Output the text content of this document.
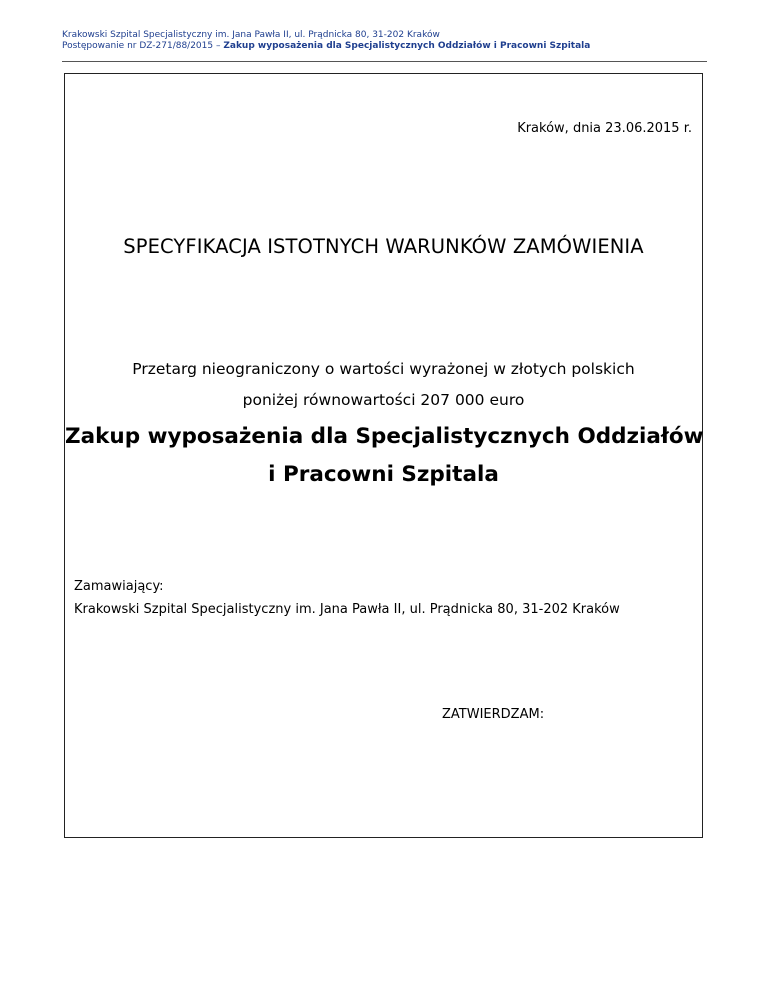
Krakowski Szpital Specjalistyczny im. Jana Pawła II, ul. Prądnicka 80, 31-202 Kraków
Postępowanie nr DZ-271/88/2015 – Zakup wyposażenia dla Specjalistycznych Oddziałów i Pracowni Szpitala
Kraków, dnia 23.06.2015 r.
SPECYFIKACJA ISTOTNYCH WARUNKÓW ZAMÓWIENIA
Przetarg nieograniczony o wartości wyrażonej w złotych polskich
poniżej równowartości 207 000 euro
Zakup wyposażenia dla Specjalistycznych Oddziałów
i Pracowni Szpitala
Zamawiający:
Krakowski Szpital Specjalistyczny im. Jana Pawła II, ul. Prądnicka 80, 31-202 Kraków
ZATWIERDZAM:
